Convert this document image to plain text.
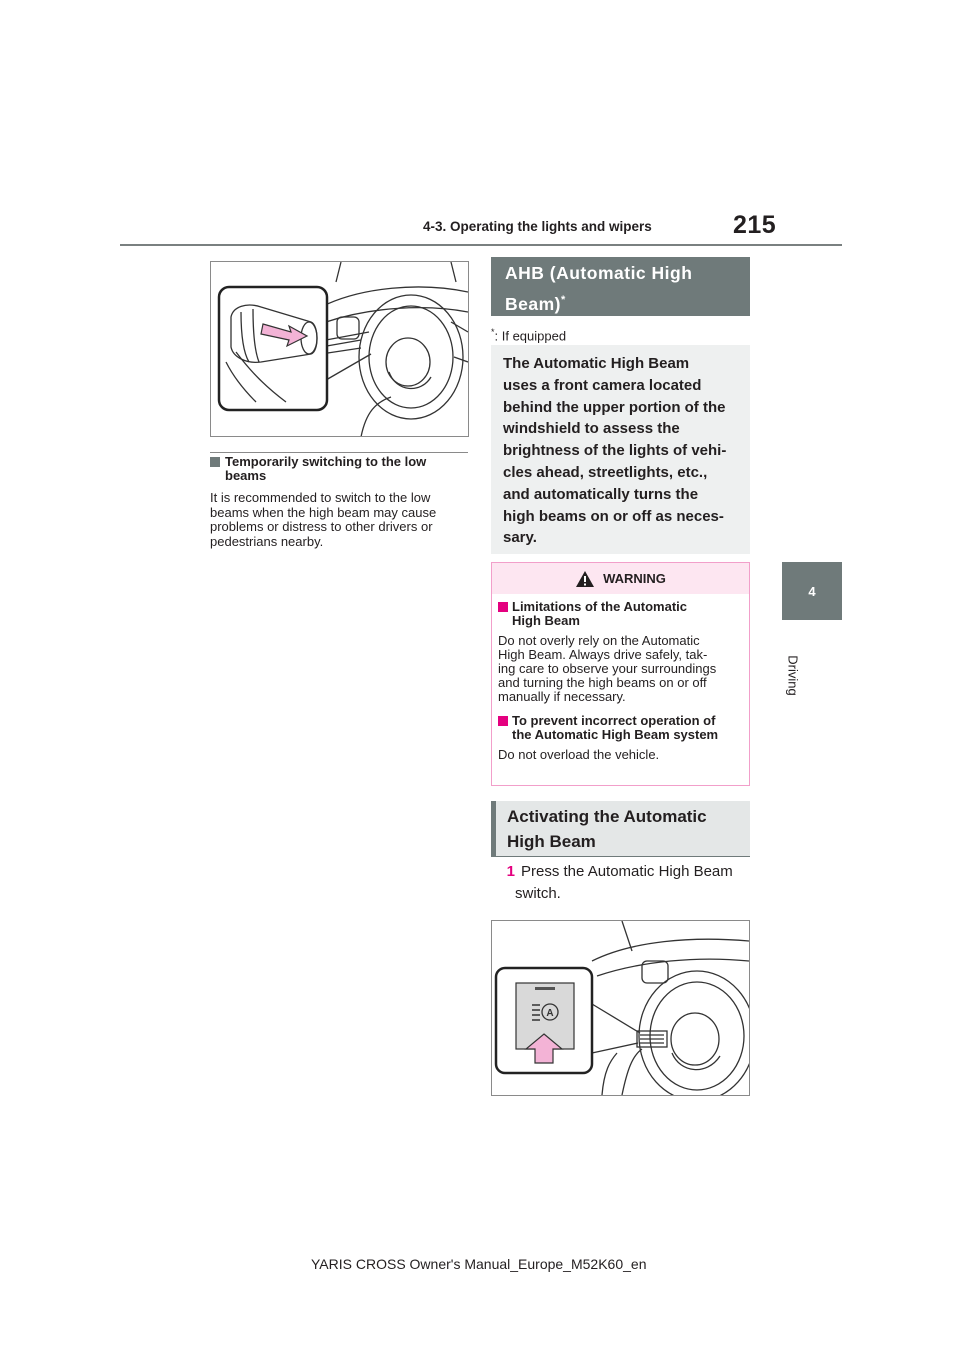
4-3. Operating the lights and wipers	215
4
Driving
Temporarily switching to the low
beams
It is recommended to switch to the low
beams when the high beam may cause
problems or distress to other drivers or
pedestrians nearby.
AHB (Automatic High
Beam)*
*: If equipped
The Automatic High Beam
uses a front camera located
behind the upper portion of the
windshield to assess the
brightness of the lights of vehi-
cles ahead, streetlights, etc.,
and automatically turns the
high beams on or off as neces-
sary.
WARNING
Limitations of the Automatic
High Beam

Do not overly rely on the Automatic
High Beam. Always drive safely, tak-
ing care to observe your surroundings
and turning the high beams on or off
manually if necessary.

To prevent incorrect operation of
the Automatic High Beam system

Do not overload the vehicle.

Activating the Automatic
High Beam
1 Press the Automatic High Beam
switch.
A
YARIS CROSS Owner's Manual_Europe_M52K60_en
